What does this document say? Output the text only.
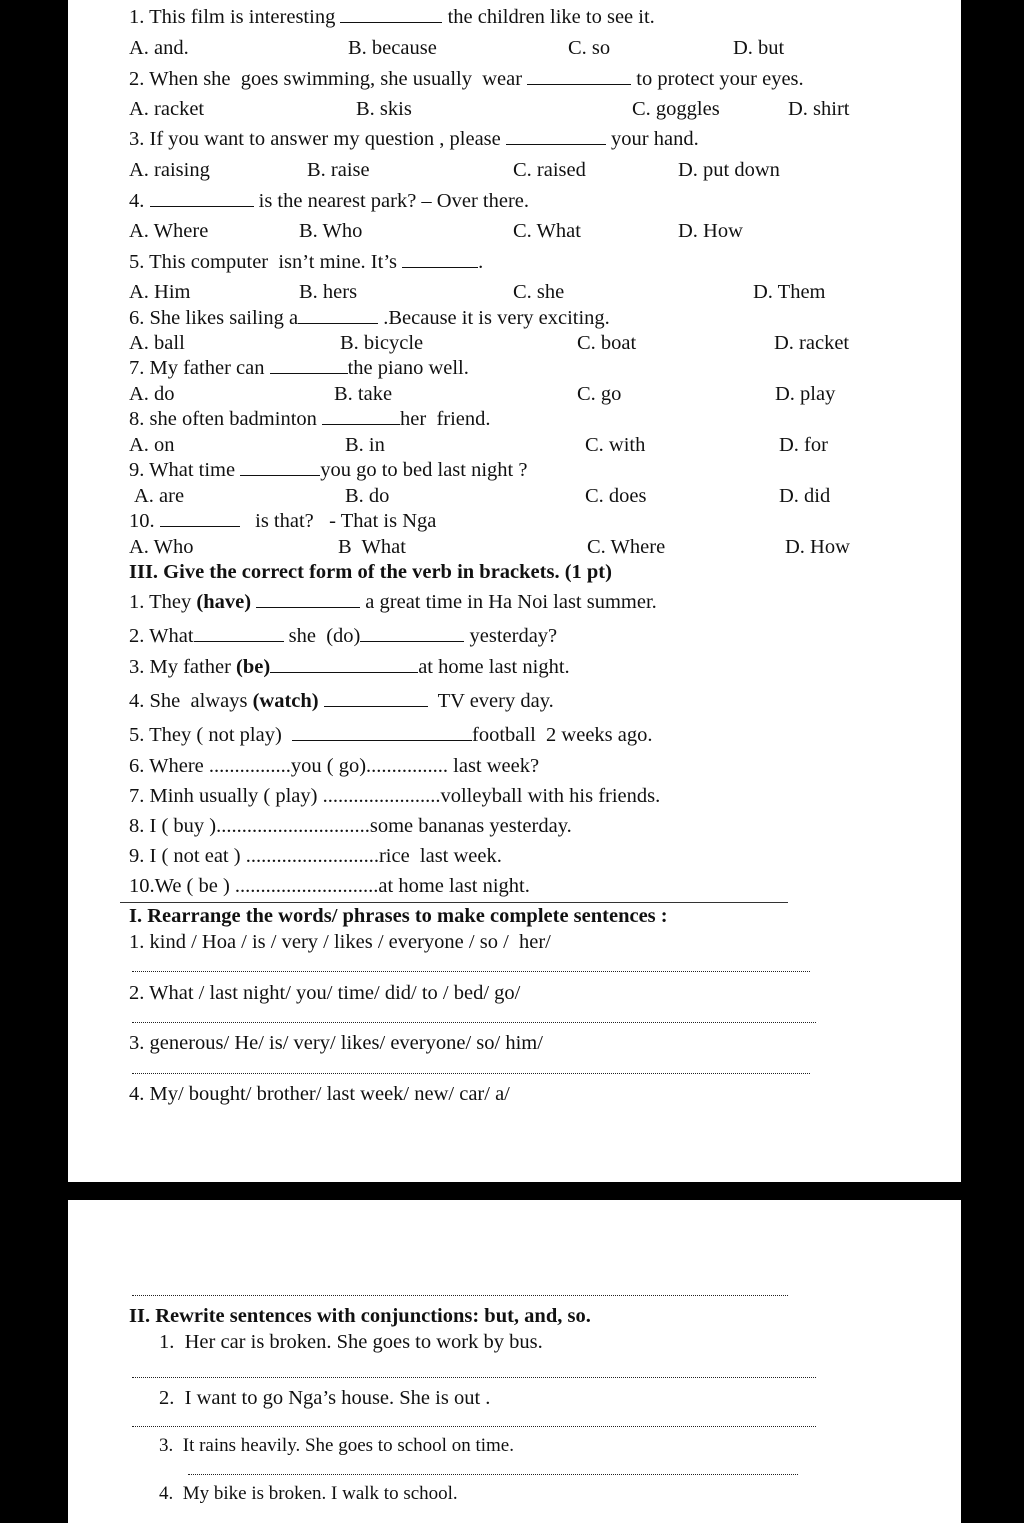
1. This film is interesting	the children like to see it.
A. and.	B. because	C. so	D. but
2. When she  goes swimming, she usually  wear	to protect your eyes.
A. racket	B. skis	C. goggles	D. shirt
3. If you want to answer my question , please	your hand.
A. raising	B. raise	C. raised	D. put down
4.	is the nearest park? – Over there.
A. Where	B. Who	C. What	D. How
5. This computer  isn’t mine. It’s	.
A. Him	B. hers	C. she	D. Them
6. She likes sailing a	.Because it is very exciting.
A. ball	B. bicycle	C. boat	D. racket
7. My father can	the piano well.
A. do	B. take	C. go	D. play
8. she often badminton	her  friend.
A. on	B. in	C. with	D. for
9. What time	you go to bed last night ?
A. are	B. do	C. does	D. did
10.	is that?   - That is Nga
A. Who	B  What	C. Where	D. How
III. Give the correct form of the verb in brackets. (1 pt)
1. They (have)	a great time in Ha Noi last summer.
2. What	she  (do)	yesterday?
3. My father (be)	at home last night.
4. She  always (watch)	TV every day.
5. They ( not play)	football  2 weeks ago.
6. Where ................you ( go)................ last week?
7. Minh usually ( play) .......................volleyball with his friends.
8. I ( buy )..............................some bananas yesterday.
9. I ( not eat ) ..........................rice  last week.
10.We ( be ) ............................at home last night.
I. Rearrange the words/ phrases to make complete sentences :
1. kind / Hoa / is / very / likes / everyone / so /  her/
2. What / last night/ you/ time/ did/ to / bed/ go/
3. generous/ He/ is/ very/ likes/ everyone/ so/ him/
4. My/ bought/ brother/ last week/ new/ car/ a/
II. Rewrite sentences with conjunctions: but, and, so.
1.  Her car is broken. She goes to work by bus.
2.  I want to go Nga’s house. She is out .
3.  It rains heavily. She goes to school on time.
4.  My bike is broken. I walk to school.
